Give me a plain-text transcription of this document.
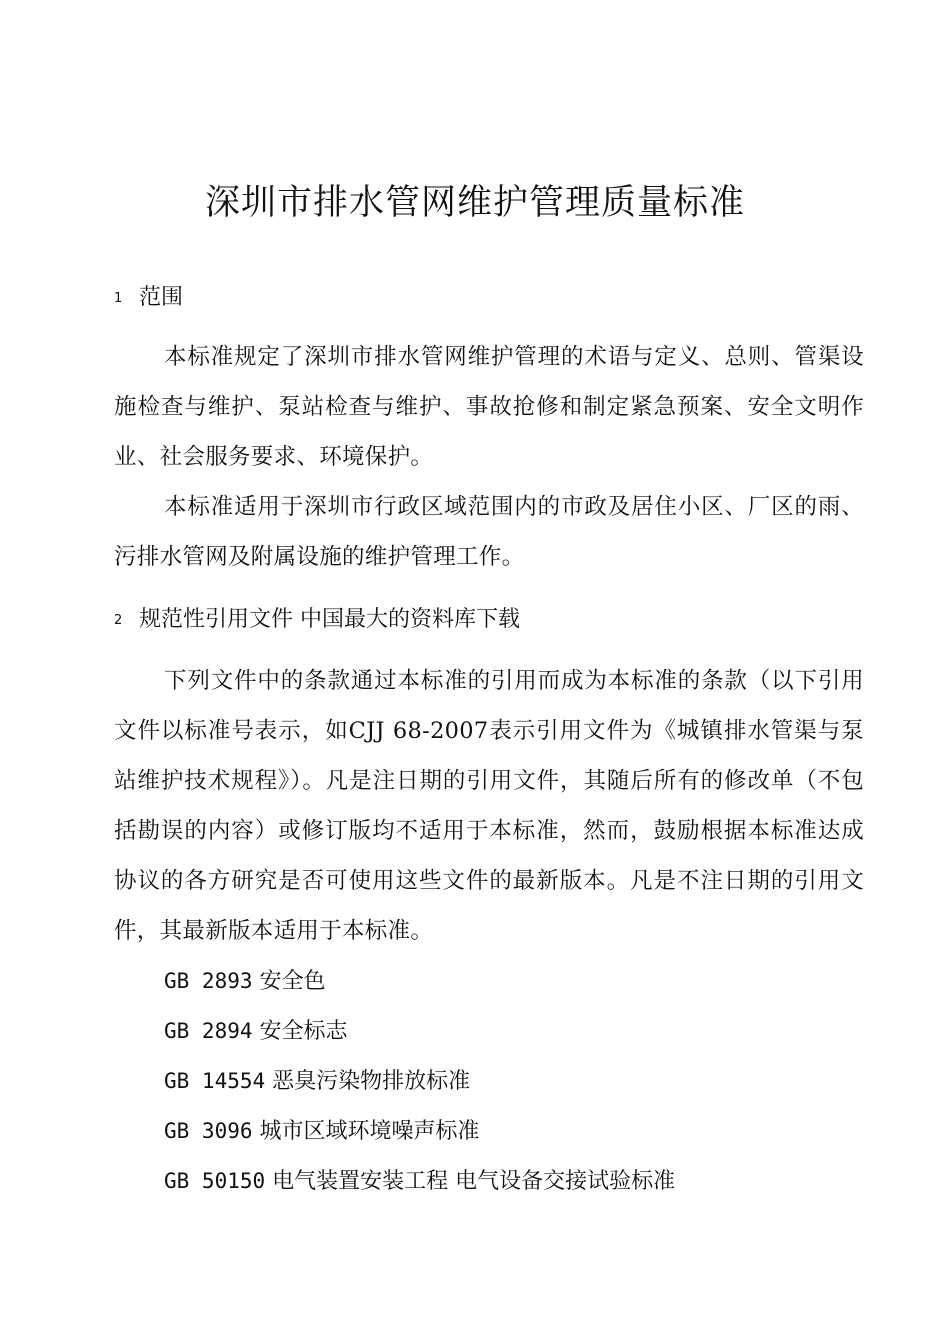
深圳市排水管网维护管理质量标准
1 范围

本标准规定了深圳市排水管网维护管理的术语与定义、总则、管渠设施检查与维护、泵站检查与维护、事故抢修和制定紧急预案、安全文明作业、社会服务要求、环境保护。

本标准适用于深圳市行政区域范围内的市政及居住小区、厂区的雨、污排水管网及附属设施的维护管理工作。

2 规范性引用文件 中国最大的资料库下载

下列文件中的条款通过本标准的引用而成为本标准的条款（以下引用文件以标准号表示，如CJJ 68-2007表示引用文件为《城镇排水管渠与泵站维护技术规程》）。凡是注日期的引用文件，其随后所有的修改单（不包括勘误的内容）或修订版均不适用于本标准，然而，鼓励根据本标准达成协议的各方研究是否可使用这些文件的最新版本。凡是不注日期的引用文件，其最新版本适用于本标准。

GB 2893 安全色
GB 2894 安全标志
GB 14554 恶臭污染物排放标准
GB 3096 城市区域环境噪声标准
GB 50150 电气装置安装工程 电气设备交接试验标准
